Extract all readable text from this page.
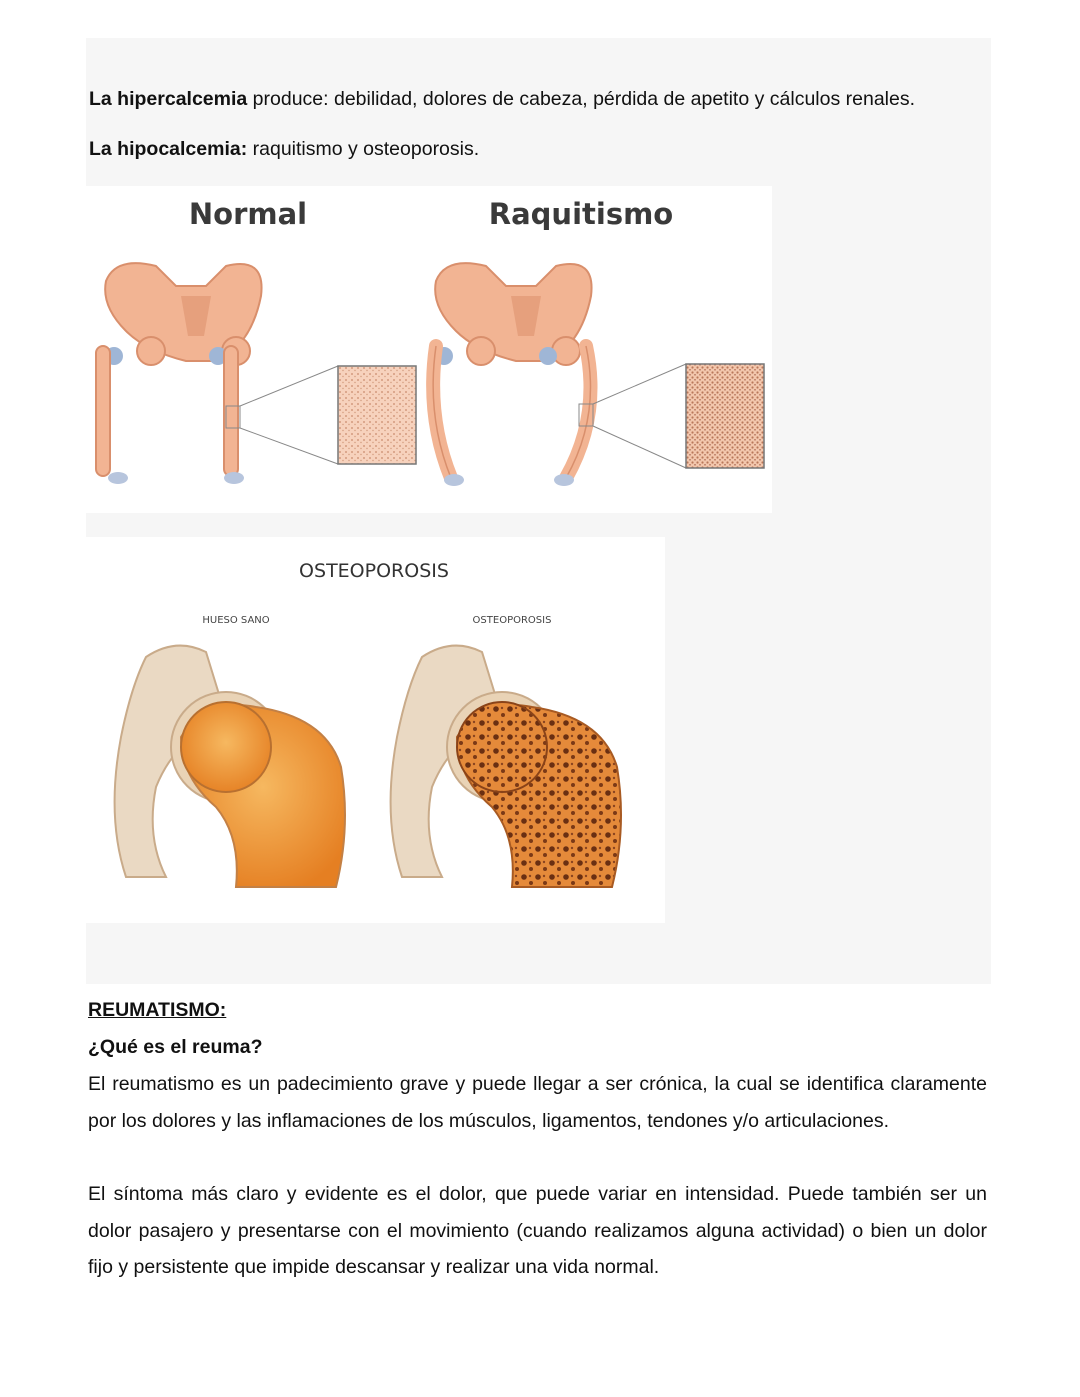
La hipercalcemia produce: debilidad, dolores de cabeza, pérdida de apetito y cálculos renales.
La hipocalcemia: raquitismo y osteoporosis.
Normal	Raquitismo
OSTEOPOROSIS
HUESO SANO	OSTEOPOROSIS
REUMATISMO:
¿Qué es el reuma?
El reumatismo es un padecimiento grave y puede llegar a ser crónica, la cual se identifica claramente por los dolores y las inflamaciones de los músculos, ligamentos, tendones y/o articulaciones.
El síntoma más claro y evidente es el dolor, que puede variar en intensidad. Puede también ser un dolor pasajero y presentarse con el movimiento (cuando realizamos alguna actividad) o bien un dolor fijo y persistente que impide descansar y realizar una vida normal.
